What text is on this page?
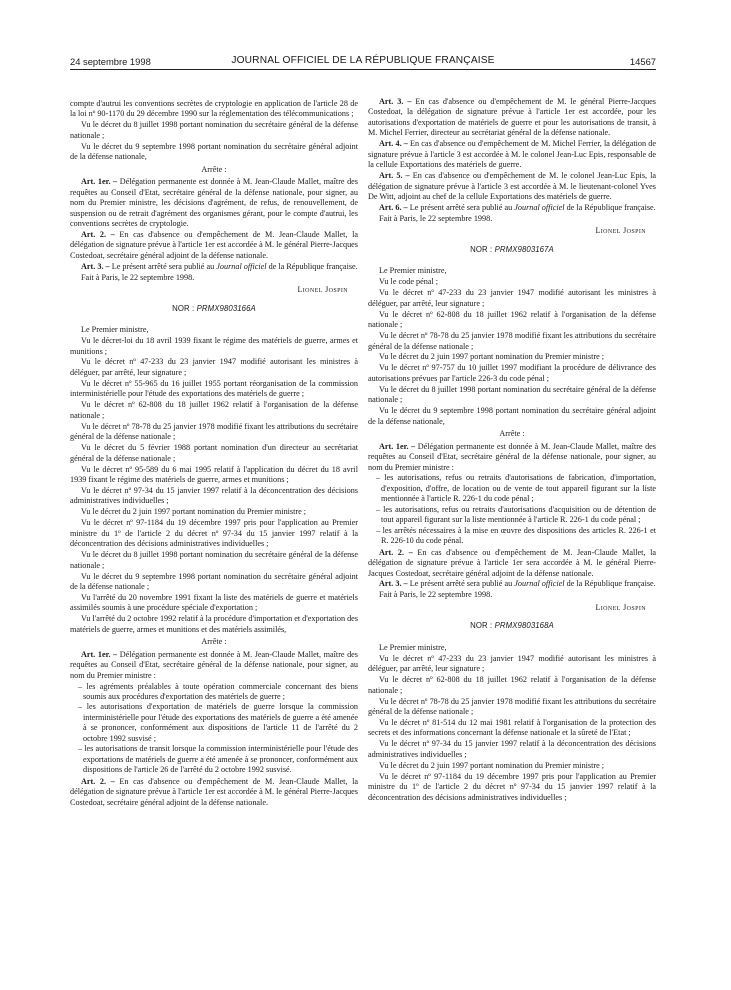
24 septembre 1998	JOURNAL OFFICIEL DE LA RÉPUBLIQUE FRANÇAISE	14567

compte d'autrui les conventions secrètes de cryptologie en application de l'article 28 de la loi nº 90-1170 du 29 décembre 1990 sur la réglementation des télécommunications ;

Vu le décret du 8 juillet 1998 portant nomination du secrétaire général de la défense nationale ;

Vu le décret du 9 septembre 1998 portant nomination du secrétaire général adjoint de la défense nationale,

Arrête :

Art. 1er. – Délégation permanente est donnée à M. Jean-Claude Mallet, maître des requêtes au Conseil d'Etat, secrétaire général de la défense nationale, pour signer, au nom du Premier ministre, les décisions d'agrément, de refus, de renouvellement, de suspension ou de retrait d'agrément des organismes gérant, pour le compte d'autrui, les conventions secrètes de cryptologie.

Art. 2. – En cas d'absence ou d'empêchement de M. Jean-Claude Mallet, la délégation de signature prévue à l'article 1er est accordée à M. le général Pierre-Jacques Costedoat, secrétaire général adjoint de la défense nationale.

Art. 3. – Le présent arrêté sera publié au Journal officiel de la République française.

Fait à Paris, le 22 septembre 1998.

Lionel Jospin
NOR : PRMX9803166A

Le Premier ministre,

Vu le décret-loi du 18 avril 1939 fixant le régime des matériels de guerre, armes et munitions ;

Vu le décret nº 47-233 du 23 janvier 1947 modifié autorisant les ministres à déléguer, par arrêté, leur signature ;

Vu le décret nº 55-965 du 16 juillet 1955 portant réorganisation de la commission interministérielle pour l'étude des exportations des matériels de guerre ;

Vu le décret nº 62-808 du 18 juillet 1962 relatif à l'organisation de la défense nationale ;

Vu le décret nº 78-78 du 25 janvier 1978 modifié fixant les attributions du secrétaire général de la défense nationale ;

Vu le décret du 5 février 1988 portant nomination d'un directeur au secrétariat général de la défense nationale ;

Vu le décret nº 95-589 du 6 mai 1995 relatif à l'application du décret du 18 avril 1939 fixant le régime des matériels de guerre, armes et munitions ;

Vu le décret nº 97-34 du 15 janvier 1997 relatif à la déconcentration des décisions administratives individuelles ;

Vu le décret du 2 juin 1997 portant nomination du Premier ministre ;

Vu le décret nº 97-1184 du 19 décembre 1997 pris pour l'application au Premier ministre du 1º de l'article 2 du décret nº 97-34 du 15 janvier 1997 relatif à la déconcentration des décisions administratives individuelles ;

Vu le décret du 8 juillet 1998 portant nomination du secrétaire général de la défense nationale ;

Vu le décret du 9 septembre 1998 portant nomination du secrétaire général adjoint de la défense nationale ;

Vu l'arrêté du 20 novembre 1991 fixant la liste des matériels de guerre et matériels assimilés soumis à une procédure spéciale d'exportation ;

Vu l'arrêté du 2 octobre 1992 relatif à la procédure d'importation et d'exportation des matériels de guerre, armes et munitions et des matériels assimilés,

Arrête :

Art. 1er. – Délégation permanente est donnée à M. Jean-Claude Mallet, maître des requêtes au Conseil d'Etat, secrétaire général de la défense nationale, pour signer, au nom du Premier ministre :

– les agréments préalables à toute opération commerciale concernant des biens soumis aux procédures d'exportation des matériels de guerre ;
– les autorisations d'exportation de matériels de guerre lorsque la commission interministérielle pour l'étude des exportations des matériels de guerre a été amenée à se prononcer, conformément aux dispositions de l'article 11 de l'arrêté du 2 octobre 1992 susvisé ;
– les autorisations de transit lorsque la commission interministérielle pour l'étude des exportations de matériels de guerre a été amenée à se prononcer, conformément aux dispositions de l'article 26 de l'arrêté du 2 octobre 1992 susvisé.

Art. 2. – En cas d'absence ou d'empêchement de M. Jean-Claude Mallet, la délégation de signature prévue à l'article 1er est accordée à M. le général Pierre-Jacques Costedoat, secrétaire général adjoint de la défense nationale.

Art. 3. – En cas d'absence ou d'empêchement de M. le général Pierre-Jacques Costedoat, la délégation de signature prévue à l'article 1er est accordée, pour les autorisations d'exportation de matériels de guerre et pour les autorisations de transit, à M. Michel Ferrier, directeur au secrétariat général de la défense nationale.

Art. 4. – En cas d'absence ou d'empêchement de M. Michel Ferrier, la délégation de signature prévue à l'article 3 est accordée à M. le colonel Jean-Luc Epis, responsable de la cellule Exportations des matériels de guerre.

Art. 5. – En cas d'absence ou d'empêchement de M. le colonel Jean-Luc Epis, la délégation de signature prévue à l'article 3 est accordée à M. le lieutenant-colonel Yves De Witt, adjoint au chef de la cellule Exportations des matériels de guerre.

Art. 6. – Le présent arrêté sera publié au Journal officiel de la République française.

Fait à Paris, le 22 septembre 1998.

Lionel Jospin
NOR : PRMX9803167A

Le Premier ministre,

Vu le code pénal ;

Vu le décret nº 47-233 du 23 janvier 1947 modifié autorisant les ministres à déléguer, par arrêté, leur signature ;

Vu le décret nº 62-808 du 18 juillet 1962 relatif à l'organisation de la défense nationale ;

Vu le décret nº 78-78 du 25 janvier 1978 modifié fixant les attributions du secrétaire général de la défense nationale ;

Vu le décret du 2 juin 1997 portant nomination du Premier ministre ;

Vu le décret nº 97-757 du 10 juillet 1997 modifiant la procédure de délivrance des autorisations prévues par l'article 226-3 du code pénal ;

Vu le décret du 8 juillet 1998 portant nomination du secrétaire général de la défense nationale ;

Vu le décret du 9 septembre 1998 portant nomination du secrétaire général adjoint de la défense nationale,

Arrête :

Art. 1er. – Délégation permanente est donnée à M. Jean-Claude Mallet, maître des requêtes au Conseil d'Etat, secrétaire général de la défense nationale, pour signer, au nom du Premier ministre :

– les autorisations, refus ou retraits d'autorisations de fabrication, d'importation, d'exposition, d'offre, de location ou de vente de tout appareil figurant sur la liste mentionnée à l'article R. 226-1 du code pénal ;
– les autorisations, refus ou retraits d'autorisations d'acquisition ou de détention de tout appareil figurant sur la liste mentionnée à l'article R. 226-1 du code pénal ;
– les arrêtés nécessaires à la mise en œuvre des dispositions des articles R. 226-1 et R. 226-10 du code pénal.

Art. 2. – En cas d'absence ou d'empêchement de M. Jean-Claude Mallet, la délégation de signature prévue à l'article 1er sera accordée à M. le général Pierre-Jacques Costedoat, secrétaire général adjoint de la défense nationale.

Art. 3. – Le présent arrêté sera publié au Journal officiel de la République française.

Fait à Paris, le 22 septembre 1998.

Lionel Jospin
NOR : PRMX9803168A

Le Premier ministre,

Vu le décret nº 47-233 du 23 janvier 1947 modifié autorisant les ministres à déléguer, par arrêté, leur signature ;

Vu le décret nº 62-808 du 18 juillet 1962 relatif à l'organisation de la défense nationale ;

Vu le décret nº 78-78 du 25 janvier 1978 modifié fixant les attributions du secrétaire général de la défense nationale ;

Vu le décret nº 81-514 du 12 mai 1981 relatif à l'organisation de la protection des secrets et des informations concernant la défense nationale et la sûreté de l'Etat ;

Vu le décret nº 97-34 du 15 janvier 1997 relatif à la déconcentration des décisions administratives individuelles ;

Vu le décret du 2 juin 1997 portant nomination du Premier ministre ;

Vu le décret nº 97-1184 du 19 décembre 1997 pris pour l'application au Premier ministre du 1º de l'article 2 du décret nº 97-34 du 15 janvier 1997 relatif à la déconcentration des décisions administratives individuelles ;
